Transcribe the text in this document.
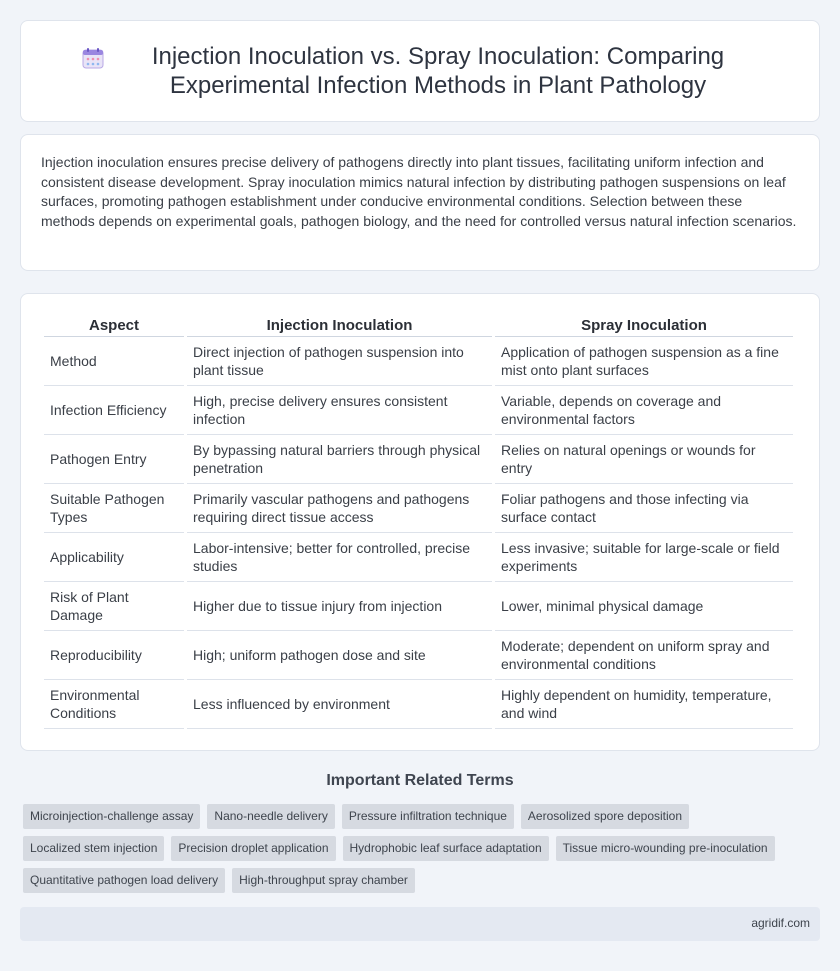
Injection Inoculation vs. Spray Inoculation: Comparing Experimental Infection Methods in Plant Pathology

Injection inoculation ensures precise delivery of pathogens directly into plant tissues, facilitating uniform infection and consistent disease development. Spray inoculation mimics natural infection by distributing pathogen suspensions on leaf surfaces, promoting pathogen establishment under conducive environmental conditions. Selection between these methods depends on experimental goals, pathogen biology, and the need for controlled versus natural infection scenarios.

Aspect	Injection Inoculation	Spray Inoculation
Method	Direct injection of pathogen suspension into plant tissue	Application of pathogen suspension as a fine mist onto plant surfaces
Infection Efficiency	High, precise delivery ensures consistent infection	Variable, depends on coverage and environmental factors
Pathogen Entry	By bypassing natural barriers through physical penetration	Relies on natural openings or wounds for entry
Suitable Pathogen Types	Primarily vascular pathogens and pathogens requiring direct tissue access	Foliar pathogens and those infecting via surface contact
Applicability	Labor-intensive; better for controlled, precise studies	Less invasive; suitable for large-scale or field experiments
Risk of Plant Damage	Higher due to tissue injury from injection	Lower, minimal physical damage
Reproducibility	High; uniform pathogen dose and site	Moderate; dependent on uniform spray and environmental conditions
Environmental Conditions	Less influenced by environment	Highly dependent on humidity, temperature, and wind
Important Related Terms
Microinjection-challenge assay	Nano-needle delivery	Pressure infiltration technique	Aerosolized spore deposition
Localized stem injection	Precision droplet application	Hydrophobic leaf surface adaptation	Tissue micro-wounding pre-inoculation
Quantitative pathogen load delivery	High-throughput spray chamber
agridif.com
